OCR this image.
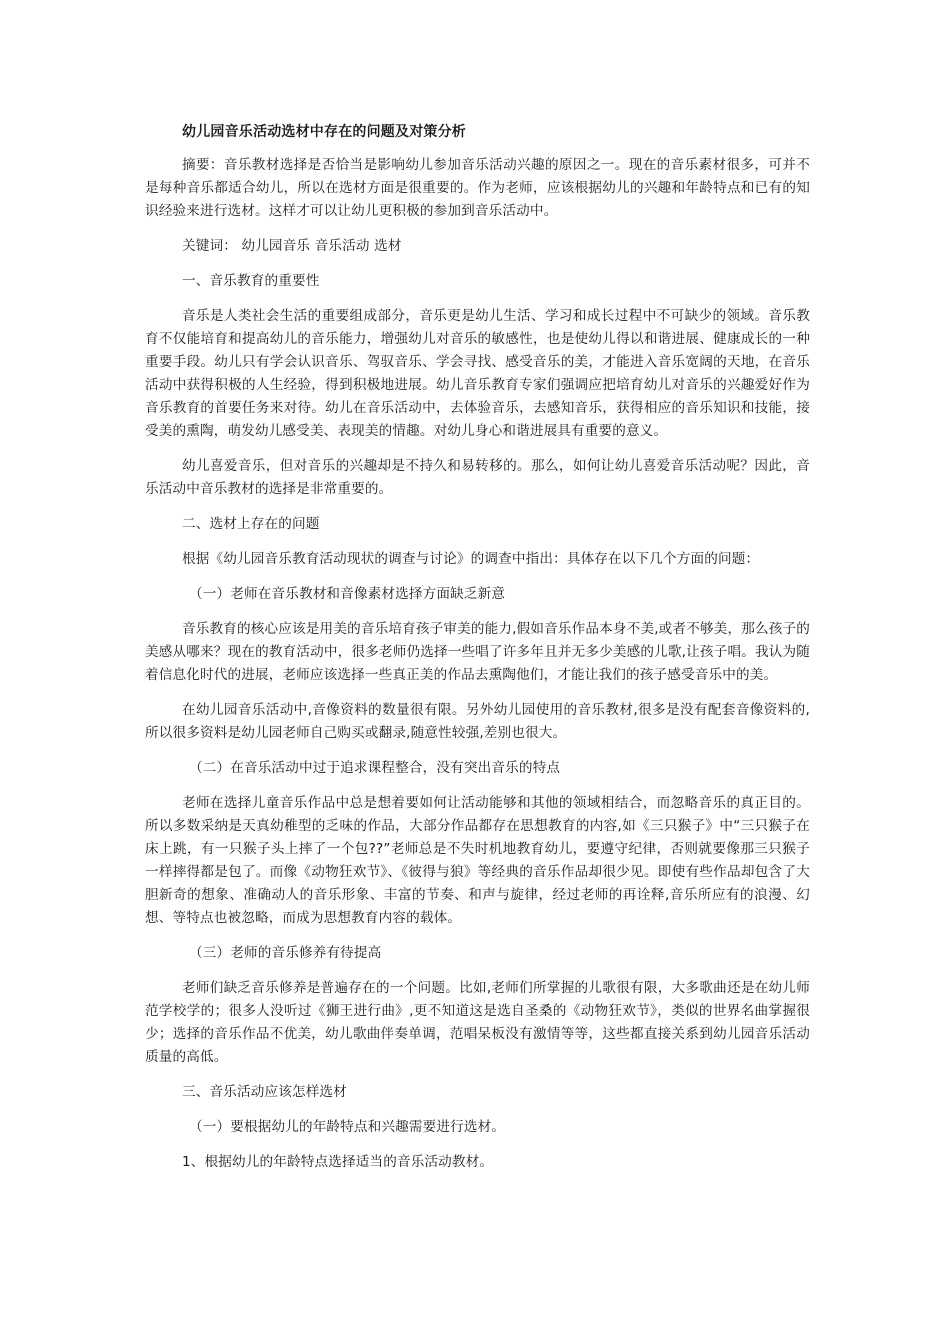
幼儿园音乐活动选材中存在的问题及对策分析

摘要：音乐教材选择是否恰当是影响幼儿参加音乐活动兴趣的原因之一。现在的音乐素材很多，可并不是每种音乐都适合幼儿，所以在选材方面是很重要的。作为老师，应该根据幼儿的兴趣和年龄特点和已有的知识经验来进行选材。这样才可以让幼儿更积极的参加到音乐活动中。

关键词： 幼儿园音乐 音乐活动 选材

一、音乐教育的重要性

音乐是人类社会生活的重要组成部分，音乐更是幼儿生活、学习和成长过程中不可缺少的领域。音乐教育不仅能培育和提高幼儿的音乐能力，增强幼儿对音乐的敏感性，也是使幼儿得以和谐进展、健康成长的一种重要手段。幼儿只有学会认识音乐、驾驭音乐、学会寻找、感受音乐的美，才能进入音乐宽阔的天地，在音乐活动中获得积极的人生经验，得到积极地进展。幼儿音乐教育专家们强调应把培育幼儿对音乐的兴趣爱好作为音乐教育的首要任务来对待。幼儿在音乐活动中，去体验音乐，去感知音乐，获得相应的音乐知识和技能，接受美的熏陶，萌发幼儿感受美、表现美的情趣。对幼儿身心和谐进展具有重要的意义。

幼儿喜爱音乐，但对音乐的兴趣却是不持久和易转移的。那么，如何让幼儿喜爱音乐活动呢？因此，音乐活动中音乐教材的选择是非常重要的。

二、选材上存在的问题

根据《幼儿园音乐教育活动现状的调查与讨论》的调查中指出：具体存在以下几个方面的问题：

（一）老师在音乐教材和音像素材选择方面缺乏新意

音乐教育的核心应该是用美的音乐培育孩子审美的能力,假如音乐作品本身不美,或者不够美，那么孩子的美感从哪来？现在的教育活动中，很多老师仍选择一些唱了许多年且并无多少美感的儿歌,让孩子唱。我认为随着信息化时代的进展，老师应该选择一些真正美的作品去熏陶他们，才能让我们的孩子感受音乐中的美。

在幼儿园音乐活动中,音像资料的数量很有限。另外幼儿园使用的音乐教材,很多是没有配套音像资料的,所以很多资料是幼儿园老师自己购买或翻录,随意性较强,差别也很大。

（二）在音乐活动中过于追求课程整合，没有突出音乐的特点

老师在选择儿童音乐作品中总是想着要如何让活动能够和其他的领域相结合，而忽略音乐的真正目的。所以多数采纳是天真幼稚型的乏味的作品，大部分作品都存在思想教育的内容,如《三只猴子》中“三只猴子在床上跳，有一只猴子头上摔了一个包??”老师总是不失时机地教育幼儿，要遵守纪律，否则就要像那三只猴子一样摔得都是包了。而像《动物狂欢节》、《彼得与狼》等经典的音乐作品却很少见。即使有些作品却包含了大胆新奇的想象、准确动人的音乐形象、丰富的节奏、和声与旋律，经过老师的再诠释,音乐所应有的浪漫、幻想、等特点也被忽略，而成为思想教育内容的载体。

（三）老师的音乐修养有待提高

老师们缺乏音乐修养是普遍存在的一个问题。比如,老师们所掌握的儿歌很有限，大多歌曲还是在幼儿师范学校学的；很多人没听过《狮王进行曲》,更不知道这是选自圣桑的《动物狂欢节》，类似的世界名曲掌握很少；选择的音乐作品不优美，幼儿歌曲伴奏单调，范唱呆板没有激情等等，这些都直接关系到幼儿园音乐活动质量的高低。

三、音乐活动应该怎样选材

（一）要根据幼儿的年龄特点和兴趣需要进行选材。

1、根据幼儿的年龄特点选择适当的音乐活动教材。
